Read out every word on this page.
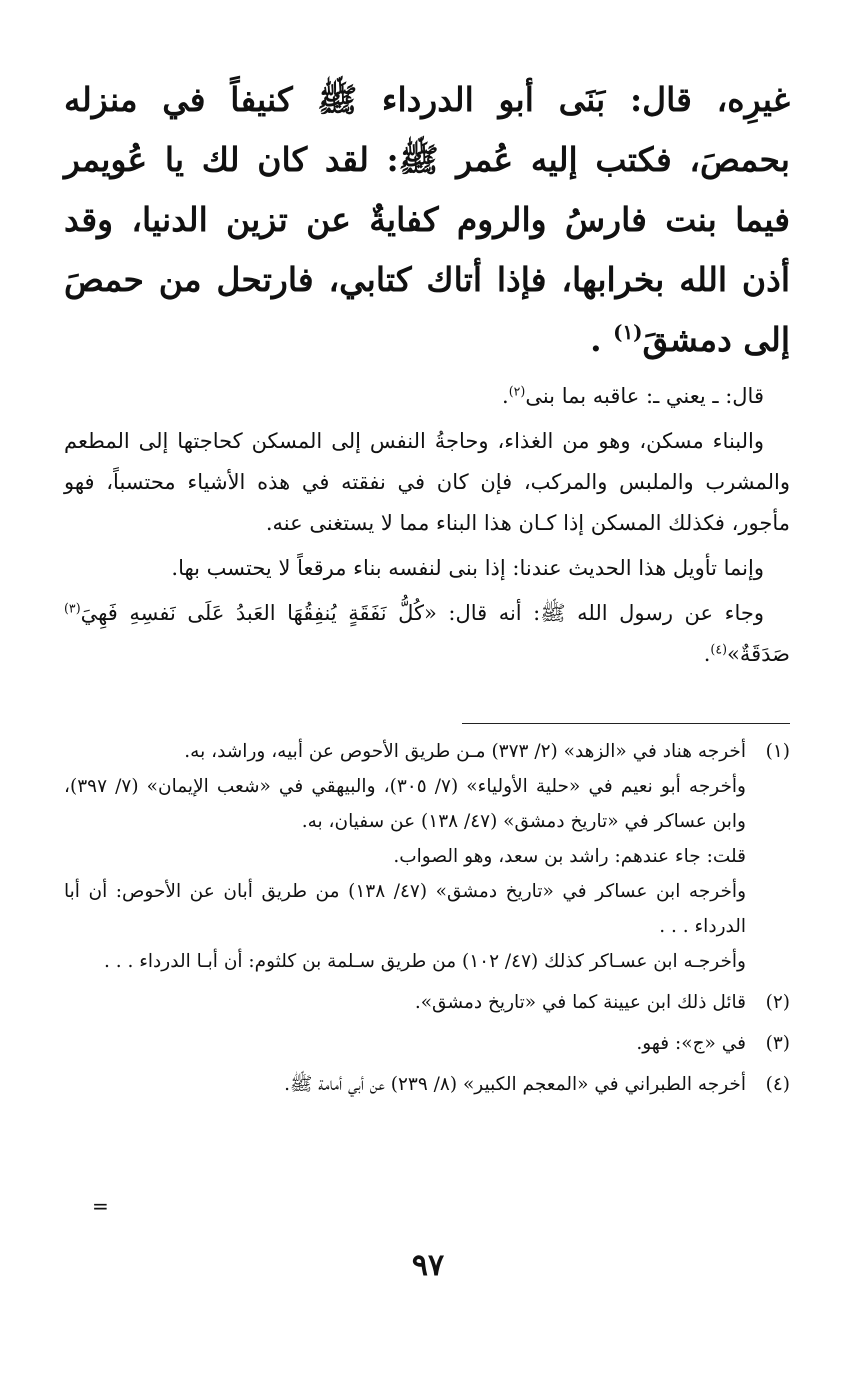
غيرِه، قال: بَنَى أبو الدرداء ﷺ كنيفاً في منزله بحمصَ، فكتب إليه عُمر ﷺ: لقد كان لك يا عُويمر فيما بنت فارسُ والروم كفايةٌ عن تزين الدنيا، وقد أذن الله بخرابها، فإذا أتاك كتابي، فارتحل من حمصَ إلى دمشقَ$^{(١)}$ .

قال: ـ يعني ـ: عاقبه بما بنى$^{(٢)}$.

والبناء مسكن، وهو من الغذاء، وحاجةُ النفس إلى المسكن كحاجتها إلى المطعم والمشرب والملبس والمركب، فإن كان في نفقته في هذه الأشياء محتسباً، فهو مأجور، فكذلك المسكن إذا كـان هذا البناء مما لا يستغنى عنه.

وإنما تأويل هذا الحديث عندنا: إذا بنى لنفسه بناء مرقعاً لا يحتسب بها.

وجاء عن رسول الله ﷺ: أنه قال: «كُلُّ نَفَقَةٍ يُنفِقُهَا العَبدُ عَلَى نَفسِهِ فَهِيَ$^{(٣)}$ صَدَقَةٌ»$^{(٤)}$.

(١)

أخرجه هناد في «الزهد» (٢/ ٣٧٣) مـن طريق الأحوص عن أبيه، وراشد، به.

وأخرجه أبو نعيم في «حلية الأولياء» (٧/ ٣٠٥)، والبيهقي في «شعب الإيمان» (٧/ ٣٩٧)، وابن عساكر في «تاريخ دمشق» (٤٧/ ١٣٨) عن سفيان، به.

قلت: جاء عندهم: راشد بن سعد، وهو الصواب.

وأخرجه ابن عساكر في «تاريخ دمشق» (٤٧/ ١٣٨) من طريق أبان عن الأحوص: أن أبا الدرداء . . .

وأخرجـه ابن عسـاكر كذلك (٤٧/ ١٠٢) من طريق سـلمة بن كلثوم: أن أبـا الدرداء . . .

(٢)

قائل ذلك ابن عيينة كما في «تاريخ دمشق».

(٣)

في «ج»: فهو.

(٤)

أخرجه الطبراني في «المعجم الكبير» (٨/ ٢٣٩) عن أبي أمامة ﷺ.

=
٩٧
